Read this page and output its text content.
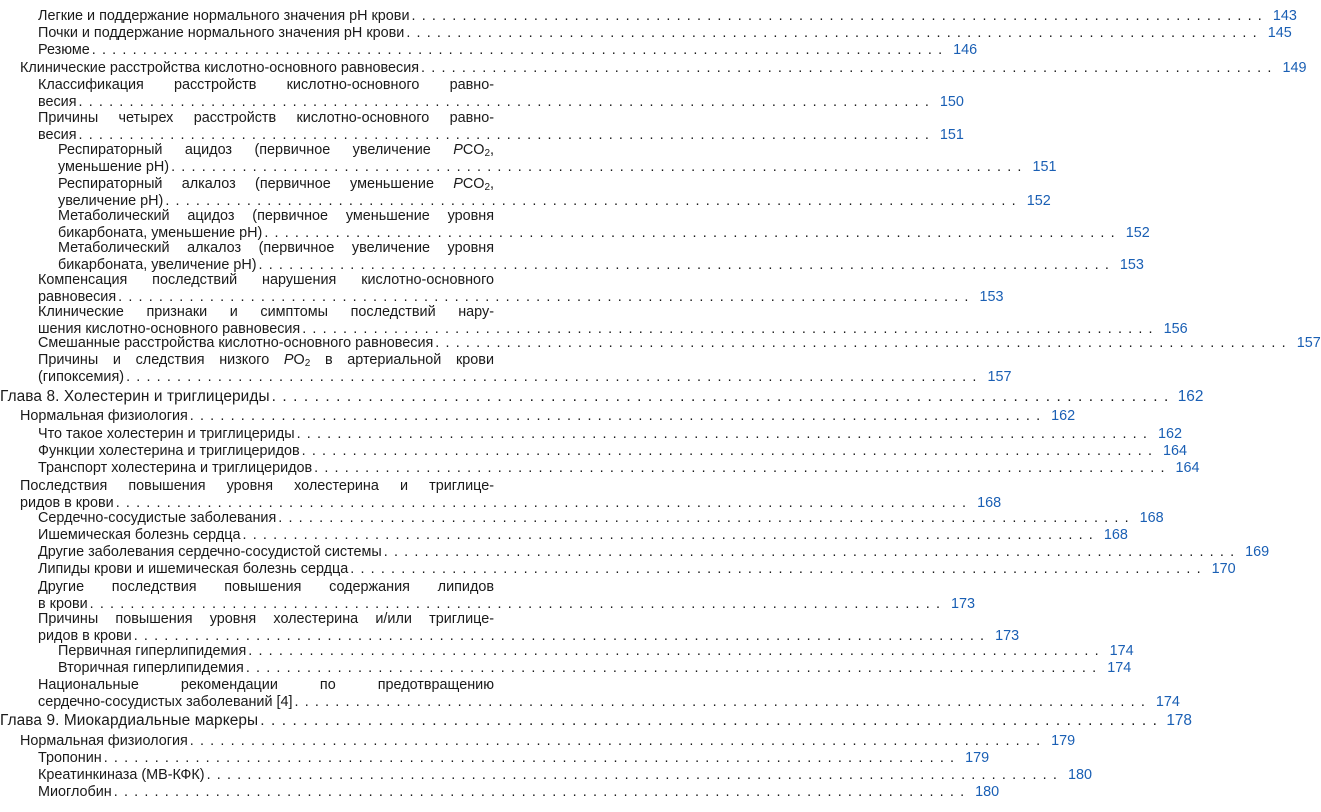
Легкие и поддержание нормального значения pH крови . . .	143
Почки и поддержание нормального значения pH крови . . .	145
Резюме . . .	146
Клинические расстройства кислотно-основного равновесия . . .	149
Классификация расстройств кислотно-основного равно-
весия . . .	150
Причины четырех расстройств кислотно-основного равно-
весия . . .	151
Респираторный ацидоз (первичное увеличение $PCO_2$,
уменьшение pH) . . .	151
Респираторный алкалоз (первичное уменьшение $PCO_2$,
увеличение pH) . . .	152
Метаболический ацидоз (первичное уменьшение уровня
бикарбоната, уменьшение pH) . . .	152
Метаболический алкалоз (первичное увеличение уровня
бикарбоната, увеличение pH) . . .	153
Компенсация последствий нарушения кислотно-основного
равновесия . . .	153
Клинические признаки и симптомы последствий нару-
шения кислотно-основного равновесия . . .	156
Смешанные расстройства кислотно-основного равновесия . . .	157
Причины и следствия низкого $PO_2$ в артериальной крови
(гипоксемия) . . .	157
Глава 8. Холестерин и триглицериды . . .	162
Нормальная физиология . . .	162
Что такое холестерин и триглицериды . . .	162
Функции холестерина и триглицеридов . . .	164
Транспорт холестерина и триглицеридов . . .	164
Последствия повышения уровня холестерина и триглице-
ридов в крови . . .	168
Сердечно-сосудистые заболевания . . .	168
Ишемическая болезнь сердца . . .	168
Другие заболевания сердечно-сосудистой системы . . .	169
Липиды крови и ишемическая болезнь сердца . . .	170
Другие последствия повышения содержания липидов
в крови . . .	173
Причины повышения уровня холестерина и/или триглице-
ридов в крови . . .	173
Первичная гиперлипидемия . . .	174
Вторичная гиперлипидемия . . .	174
Национальные рекомендации по предотвращению
сердечно-сосудистых заболеваний [4] . . .	174
Глава 9. Миокардиальные маркеры . . .	178
Нормальная физиология . . .	179
Тропонин . . .	179
Креатинкиназа (МВ-КФК) . . .	180
Миоглобин . . .	180
